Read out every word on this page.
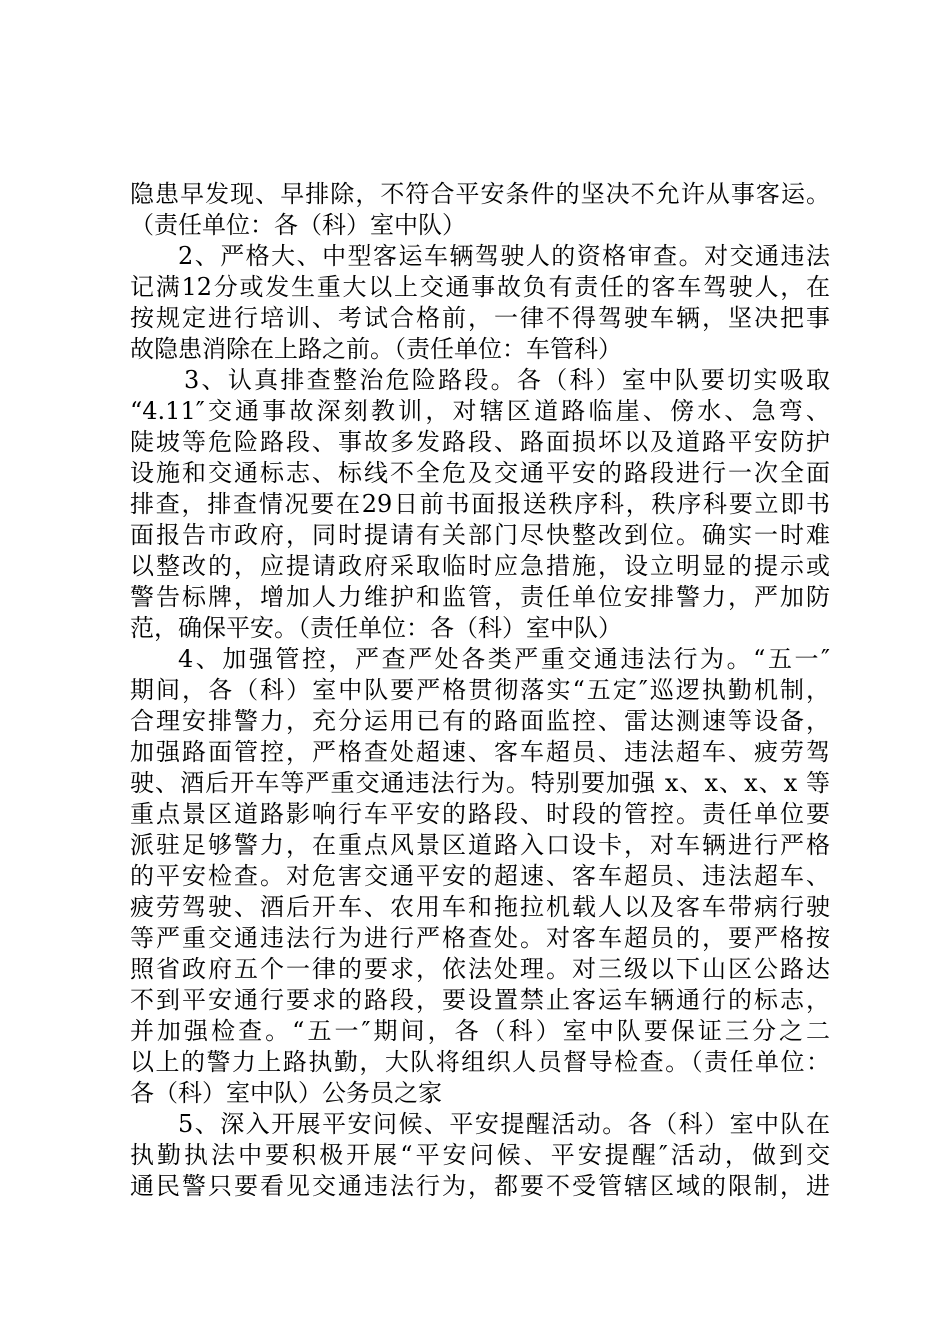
隐患早发现、早排除，不符合平安条件的坚决不允许从事客运。
（责任单位：各（科）室中队）
2、严格大、中型客运车辆驾驶人的资格审查。对交通违法
记满12分或发生重大以上交通事故负有责任的客车驾驶人，在
按规定进行培训、考试合格前，一律不得驾驶车辆，坚决把事
故隐患消除在上路之前。（责任单位：车管科）
3、认真排查整治危险路段。各（科）室中队要切实吸取
“4.11″交通事故深刻教训，对辖区道路临崖、傍水、急弯、
陡坡等危险路段、事故多发路段、路面损坏以及道路平安防护
设施和交通标志、标线不全危及交通平安的路段进行一次全面
排查，排查情况要在29日前书面报送秩序科，秩序科要立即书
面报告市政府，同时提请有关部门尽快整改到位。确实一时难
以整改的，应提请政府采取临时应急措施，设立明显的提示或
警告标牌，增加人力维护和监管，责任单位安排警力，严加防
范，确保平安。（责任单位：各（科）室中队）
4、加强管控，严查严处各类严重交通违法行为。“五一″
期间，各（科）室中队要严格贯彻落实“五定″巡逻执勤机制，
合理安排警力，充分运用已有的路面监控、雷达测速等设备，
加强路面管控，严格查处超速、客车超员、违法超车、疲劳驾
驶、酒后开车等严重交通违法行为。特别要加强 x、x、x、x 等
重点景区道路影响行车平安的路段、时段的管控。责任单位要
派驻足够警力，在重点风景区道路入口设卡，对车辆进行严格
的平安检查。对危害交通平安的超速、客车超员、违法超车、
疲劳驾驶、酒后开车、农用车和拖拉机载人以及客车带病行驶
等严重交通违法行为进行严格查处。对客车超员的，要严格按
照省政府五个一律的要求，依法处理。对三级以下山区公路达
不到平安通行要求的路段，要设置禁止客运车辆通行的标志，
并加强检查。“五一″期间，各（科）室中队要保证三分之二
以上的警力上路执勤，大队将组织人员督导检查。（责任单位：
各（科）室中队）公务员之家
5、深入开展平安问候、平安提醒活动。各（科）室中队在
执勤执法中要积极开展“平安问候、平安提醒″活动，做到交
通民警只要看见交通违法行为，都要不受管辖区域的限制，进
